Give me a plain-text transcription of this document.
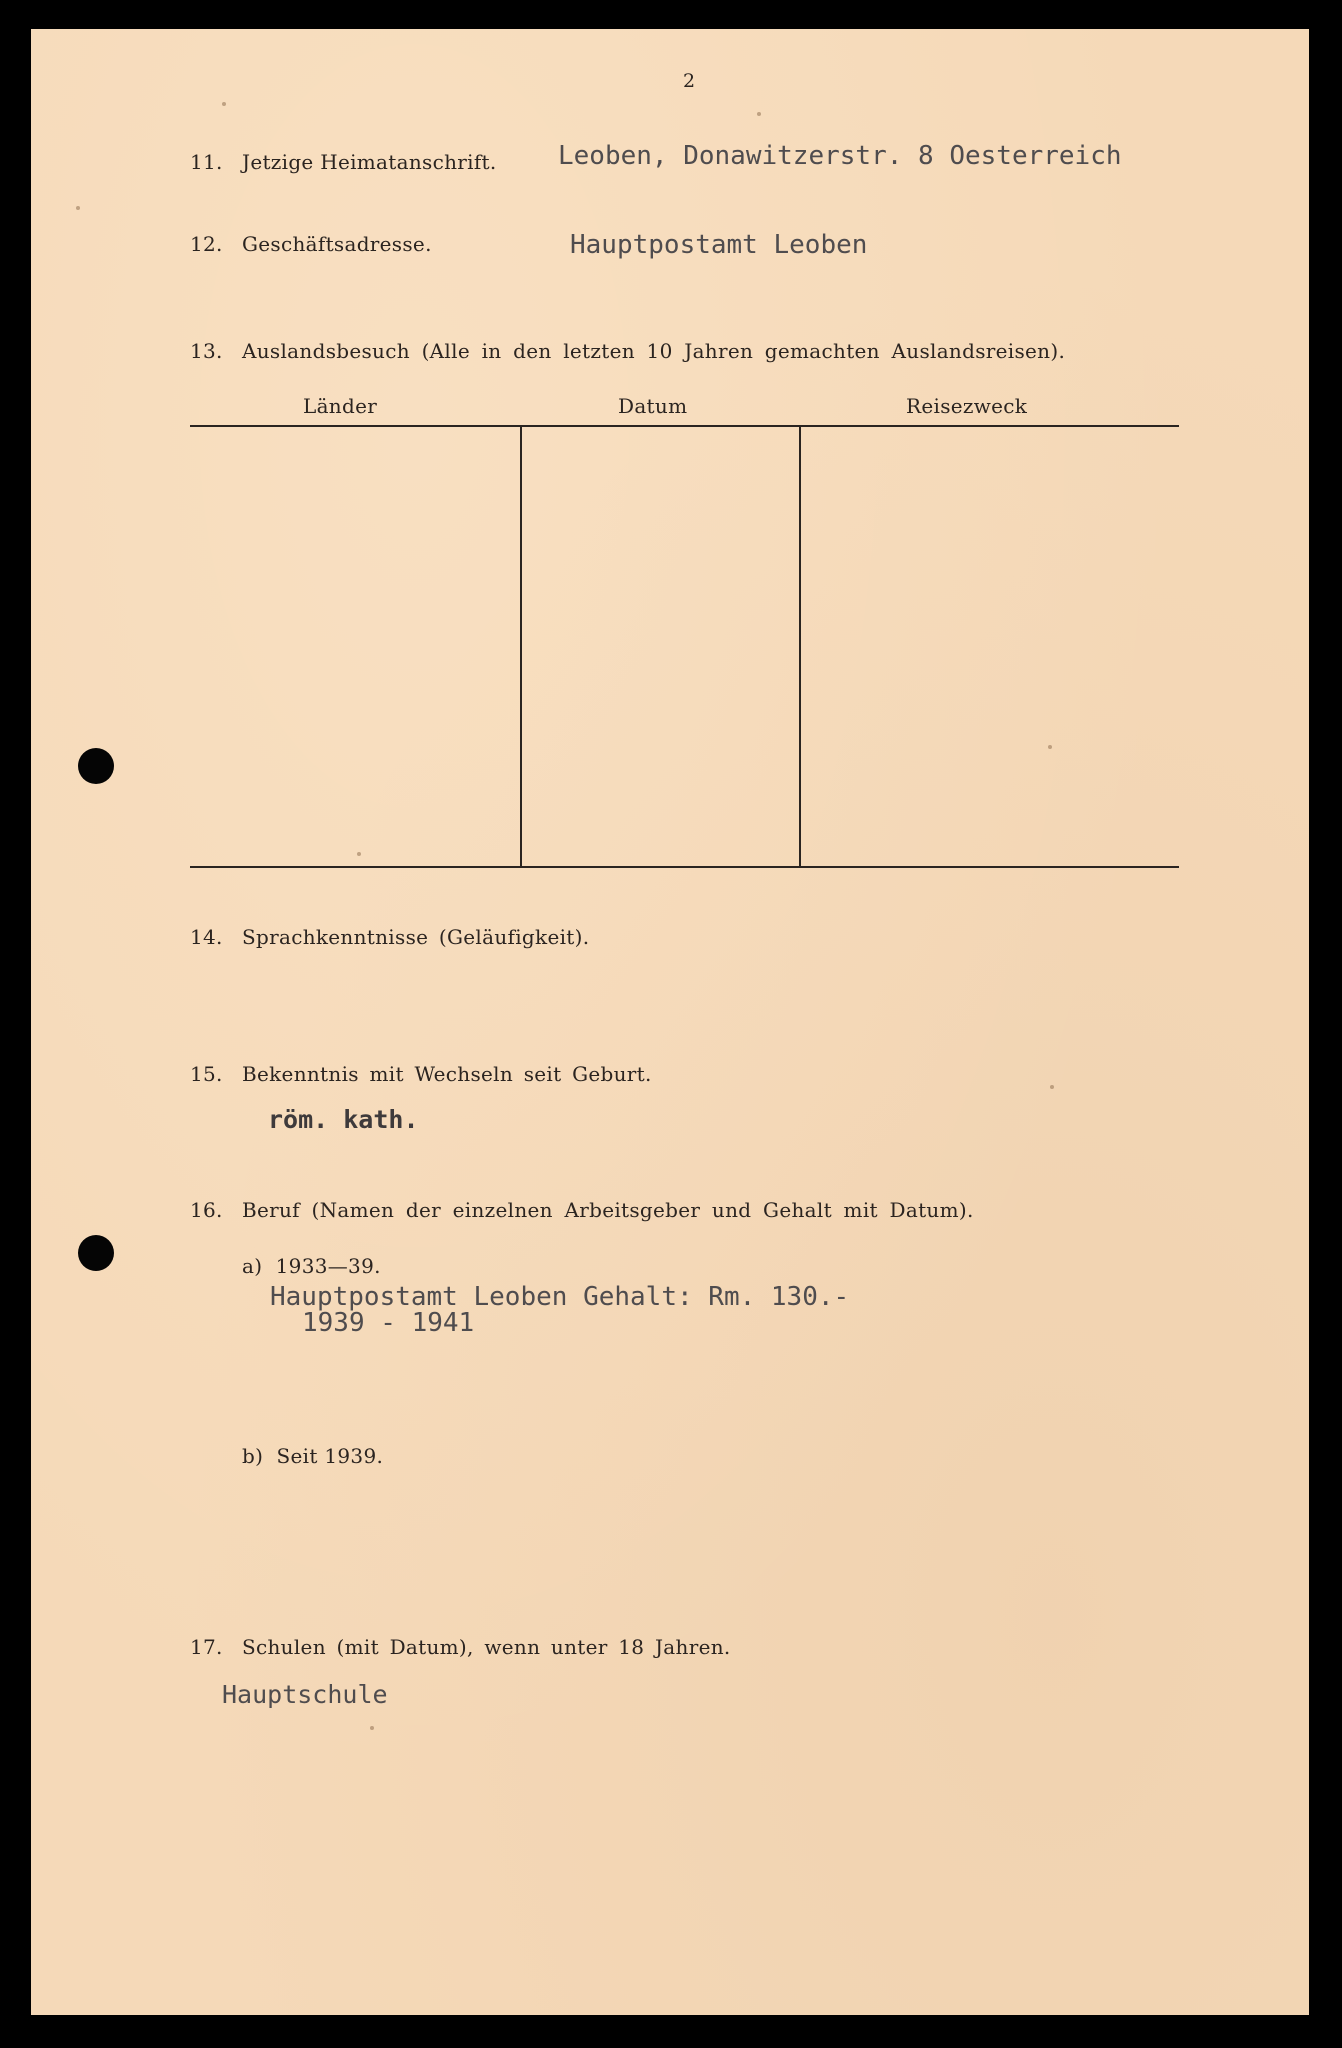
2
11. Jetzige Heimatanschrift. Leoben, Donawitzerstr. 8 Oesterreich
12. Geschäftsadresse.	Hauptpostamt Leoben
13. Auslandsbesuch (Alle in den letzten 10 Jahren gemachten Auslandsreisen).
Länder	Datum	Reisezweck
14. Sprachkenntnisse (Geläufigkeit).
15. Bekenntnis mit Wechseln seit Geburt.
röm. kath.
16. Beruf (Namen der einzelnen Arbeitsgeber und Gehalt mit Datum).
a) 1933—39.
Hauptpostamt Leoben Gehalt: Rm. 130.-
1939 - 1941
b) Seit 1939.
17. Schulen (mit Datum), wenn unter 18 Jahren.
Hauptschule
